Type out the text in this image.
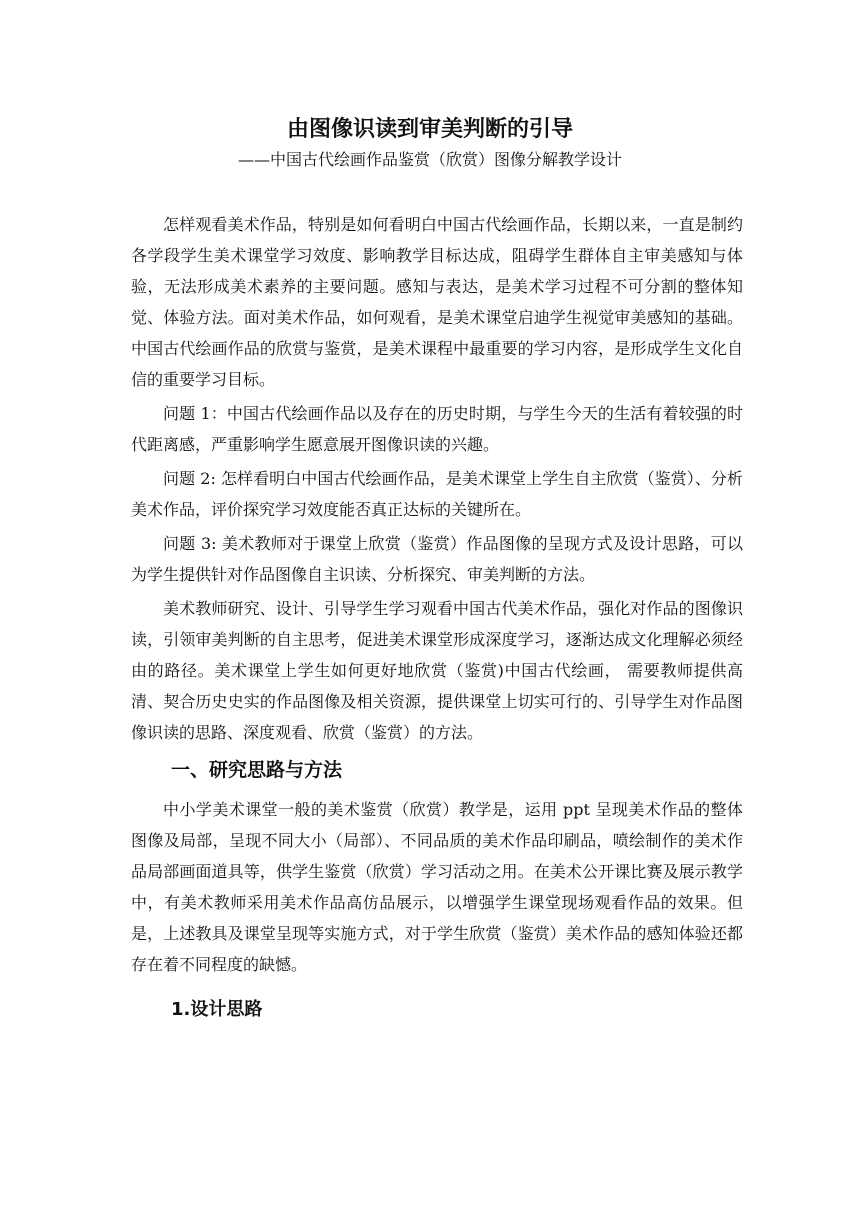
由图像识读到审美判断的引导
——中国古代绘画作品鉴赏（欣赏）图像分解教学设计

怎样观看美术作品，特别是如何看明白中国古代绘画作品，长期以来，一直是制约各学段学生美术课堂学习效度、影响教学目标达成，阻碍学生群体自主审美感知与体验，无法形成美术素养的主要问题。感知与表达，是美术学习过程不可分割的整体知觉、体验方法。面对美术作品，如何观看，是美术课堂启迪学生视觉审美感知的基础。中国古代绘画作品的欣赏与鉴赏，是美术课程中最重要的学习内容，是形成学生文化自信的重要学习目标。

问题 1：中国古代绘画作品以及存在的历史时期，与学生今天的生活有着较强的时代距离感，严重影响学生愿意展开图像识读的兴趣。

问题 2: 怎样看明白中国古代绘画作品，是美术课堂上学生自主欣赏（鉴赏）、分析美术作品，评价探究学习效度能否真正达标的关键所在。

问题 3: 美术教师对于课堂上欣赏（鉴赏）作品图像的呈现方式及设计思路，可以为学生提供针对作品图像自主识读、分析探究、审美判断的方法。

美术教师研究、设计、引导学生学习观看中国古代美术作品，强化对作品的图像识读，引领审美判断的自主思考，促进美术课堂形成深度学习，逐渐达成文化理解必须经由的路径。美术课堂上学生如何更好地欣赏（鉴赏)中国古代绘画， 需要教师提供高清、契合历史史实的作品图像及相关资源，提供课堂上切实可行的、引导学生对作品图像识读的思路、深度观看、欣赏（鉴赏）的方法。

一、研究思路与方法

中小学美术课堂一般的美术鉴赏（欣赏）教学是，运用 ppt 呈现美术作品的整体图像及局部，呈现不同大小（局部）、不同品质的美术作品印刷品，喷绘制作的美术作品局部画面道具等，供学生鉴赏（欣赏）学习活动之用。在美术公开课比赛及展示教学中，有美术教师采用美术作品高仿品展示，以增强学生课堂现场观看作品的效果。但是，上述教具及课堂呈现等实施方式，对于学生欣赏（鉴赏）美术作品的感知体验还都存在着不同程度的缺憾。

1.设计思路
